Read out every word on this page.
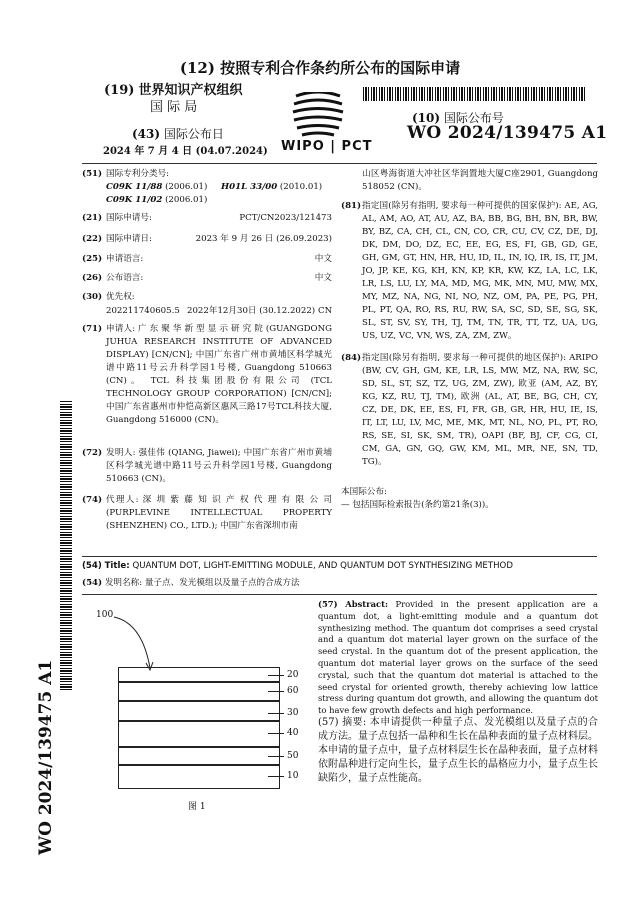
(12) 按照专利合作条约所公布的国际申请
(19) 世界知识产权组织
国 际 局
(43) 国际公布日
2024 年 7 月 4 日 (04.07.2024) WIPO | PCT
(10) 国际公布号
WO 2024/139475 A1
WO 2024/139475 A1
(51) 国际专利分类号:
C09K 11/88 (2006.01) H01L 33/00 (2010.01)
C09K 11/02 (2006.01)
(21) 国际申请号:	PCT/CN2023/121473
(22) 国际申请日:	2023 年 9 月 26 日 (26.09.2023)
(25) 申请语言:	中文
(26) 公布语言:	中文
(30) 优先权:
202211740605.5 2022年12月30日 (30.12.2022) CN
(71) 申请人: 广 东 聚 华 新 型 显 示 研 究 院 (GUANGDONG JUHUA RESEARCH INSTITUTE OF ADVANCED DISPLAY) [CN/CN]; 中国广东省广州市黄埔区科学城光谱中路11号云升科学园1号楼, Guangdong 510663 (CN)。 TCL 科技集团股份有限公司 (TCL TECHNOLOGY GROUP CORPORATION) [CN/CN]; 中国广东省惠州市仲恺高新区惠风三路17号TCL科技大厦, Guangdong 516000 (CN)。
(72) 发明人: 强佳伟 (QIANG, Jiawei); 中国广东省广州市黄埔区科学城光谱中路11号云升科学园1号楼, Guangdong 510663 (CN)。
(74) 代理人: 深 圳 紫 藤 知 识 产 权 代 理 有 限 公 司 (PURPLEVINE INTELLECTUAL PROPERTY (SHENZHEN) CO., LTD.); 中国广东省深圳市南
山区粤海街道大冲社区华润置地大厦C座2901, Guangdong 518052 (CN)。
(81) 指定国(除另有指明, 要求每一种可提供的国家保护): AE, AG, AL, AM, AO, AT, AU, AZ, BA, BB, BG, BH, BN, BR, BW, BY, BZ, CA, CH, CL, CN, CO, CR, CU, CV, CZ, DE, DJ, DK, DM, DO, DZ, EC, EE, EG, ES, FI, GB, GD, GE, GH, GM, GT, HN, HR, HU, ID, IL, IN, IQ, IR, IS, IT, JM, JO, JP, KE, KG, KH, KN, KP, KR, KW, KZ, LA, LC, LK, LR, LS, LU, LY, MA, MD, MG, MK, MN, MU, MW, MX, MY, MZ, NA, NG, NI, NO, NZ, OM, PA, PE, PG, PH, PL, PT, QA, RO, RS, RU, RW, SA, SC, SD, SE, SG, SK, SL, ST, SV, SY, TH, TJ, TM, TN, TR, TT, TZ, UA, UG, US, UZ, VC, VN, WS, ZA, ZM, ZW。
(84) 指定国(除另有指明, 要求每一种可提供的地区保护): ARIPO (BW, CV, GH, GM, KE, LR, LS, MW, MZ, NA, RW, SC, SD, SL, ST, SZ, TZ, UG, ZM, ZW), 欧亚 (AM, AZ, BY, KG, KZ, RU, TJ, TM), 欧洲 (AL, AT, BE, BG, CH, CY, CZ, DE, DK, EE, ES, FI, FR, GB, GR, HR, HU, IE, IS, IT, LT, LU, LV, MC, ME, MK, MT, NL, NO, PL, PT, RO, RS, SE, SI, SK, SM, TR), OAPI (BF, BJ, CF, CG, CI, CM, GA, GN, GQ, GW, KM, ML, MR, NE, SN, TD, TG)。
本国际公布:
— 包括国际检索报告(条约第21条(3))。
(54) Title: QUANTUM DOT, LIGHT-EMITTING MODULE, AND QUANTUM DOT SYNTHESIZING METHOD
(54) 发明名称: 量子点、发光模组以及量子点的合成方法
100
20
60
30
40
50
10
图 1
(57) Abstract: Provided in the present application are a quantum dot, a light-emitting module and a quantum dot synthesizing method. The quantum dot comprises a seed crystal and a quantum dot material layer grown on the surface of the seed crystal. In the quantum dot of the present application, the quantum dot material layer grows on the surface of the seed crystal, such that the quantum dot material is attached to the seed crystal for oriented growth, thereby achieving low lattice stress during quantum dot growth, and allowing the quantum dot to have few growth defects and high performance.
(57) 摘要: 本申请提供一种量子点、发光模组以及量子点的合成方法。量子点包括一晶种和生长在晶种表面的量子点材料层。本申请的量子点中，量子点材料层生长在晶种表面，量子点材料依附晶种进行定向生长，量子点生长的晶格应力小，量子点生长缺陷少，量子点性能高。
